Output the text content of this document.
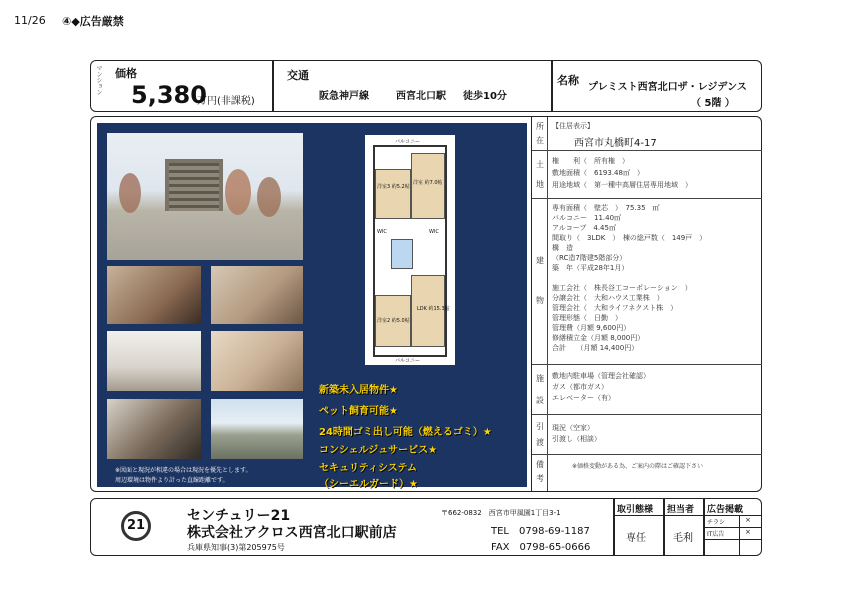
11/26 ④◆広告厳禁
マンション 価格
5,380
万円(非課税)
交通
阪急神戸線	西宮北口駅 徒歩10分
名称
プレミスト西宮北口ザ・レジデンス
（ 5階 ）
※図面と現況が相違の場合は現況を優先とします。
周辺環境は物件より計った直線距離です。
洋室3 約5.2帖
洋室 約7.0帖
WIC	WIC
LDK 約15.3帖
洋室2 約5.0帖
バルコニー
バルコニー
新築未入居物件★
ペット飼育可能★
24時間ゴミ出し可能（燃えるゴミ）★
コンシェルジュサービス★
セキュリティシステム
（シーエルガード）★
所
在
【住居表示】
西宮市丸橋町4-17
土
地
権　　利（　所有権　）
敷地面積（　6193.48㎡　）
用途地域（　第一種中高層住居専用地域　）
建
物
専有面積（　壁芯　）　75.35　㎡
バルコニー　11.40㎡
アルコーブ　4.45㎡
間取り（　3LDK　）　棟の総戸数（　149戸　）
構　造
（RC造7階建5階部分）
築　年（平成28年1月）
施工会社（　株長谷工コーポレーション　）
分譲会社（　大和ハウス工業株　）
管理会社（　大和ライフネクスト株　）
管理形態（　日勤　）
管理費（月額 9,600円）
修繕積立金（月額 8,000円）
合計　　（月額 14,400円）
施
設
敷地内駐車場（管理会社確認）
ガス（都市ガス）
エレベーター（有）
引
渡
現況（空家）
引渡し（相談）
備
考
※価格変動がある為、ご案内の際はご確認下さい
21
センチュリー21
株式会社アクロス西宮北口駅前店
兵庫県知事(3)第205975号
〒662-0832　西宮市甲風園1丁目3-1
TEL　0798-69-1187
FAX　0798-65-0666
取引態様
専任
担当者
毛利
広告掲載
チラシ	×
IT広告	×
